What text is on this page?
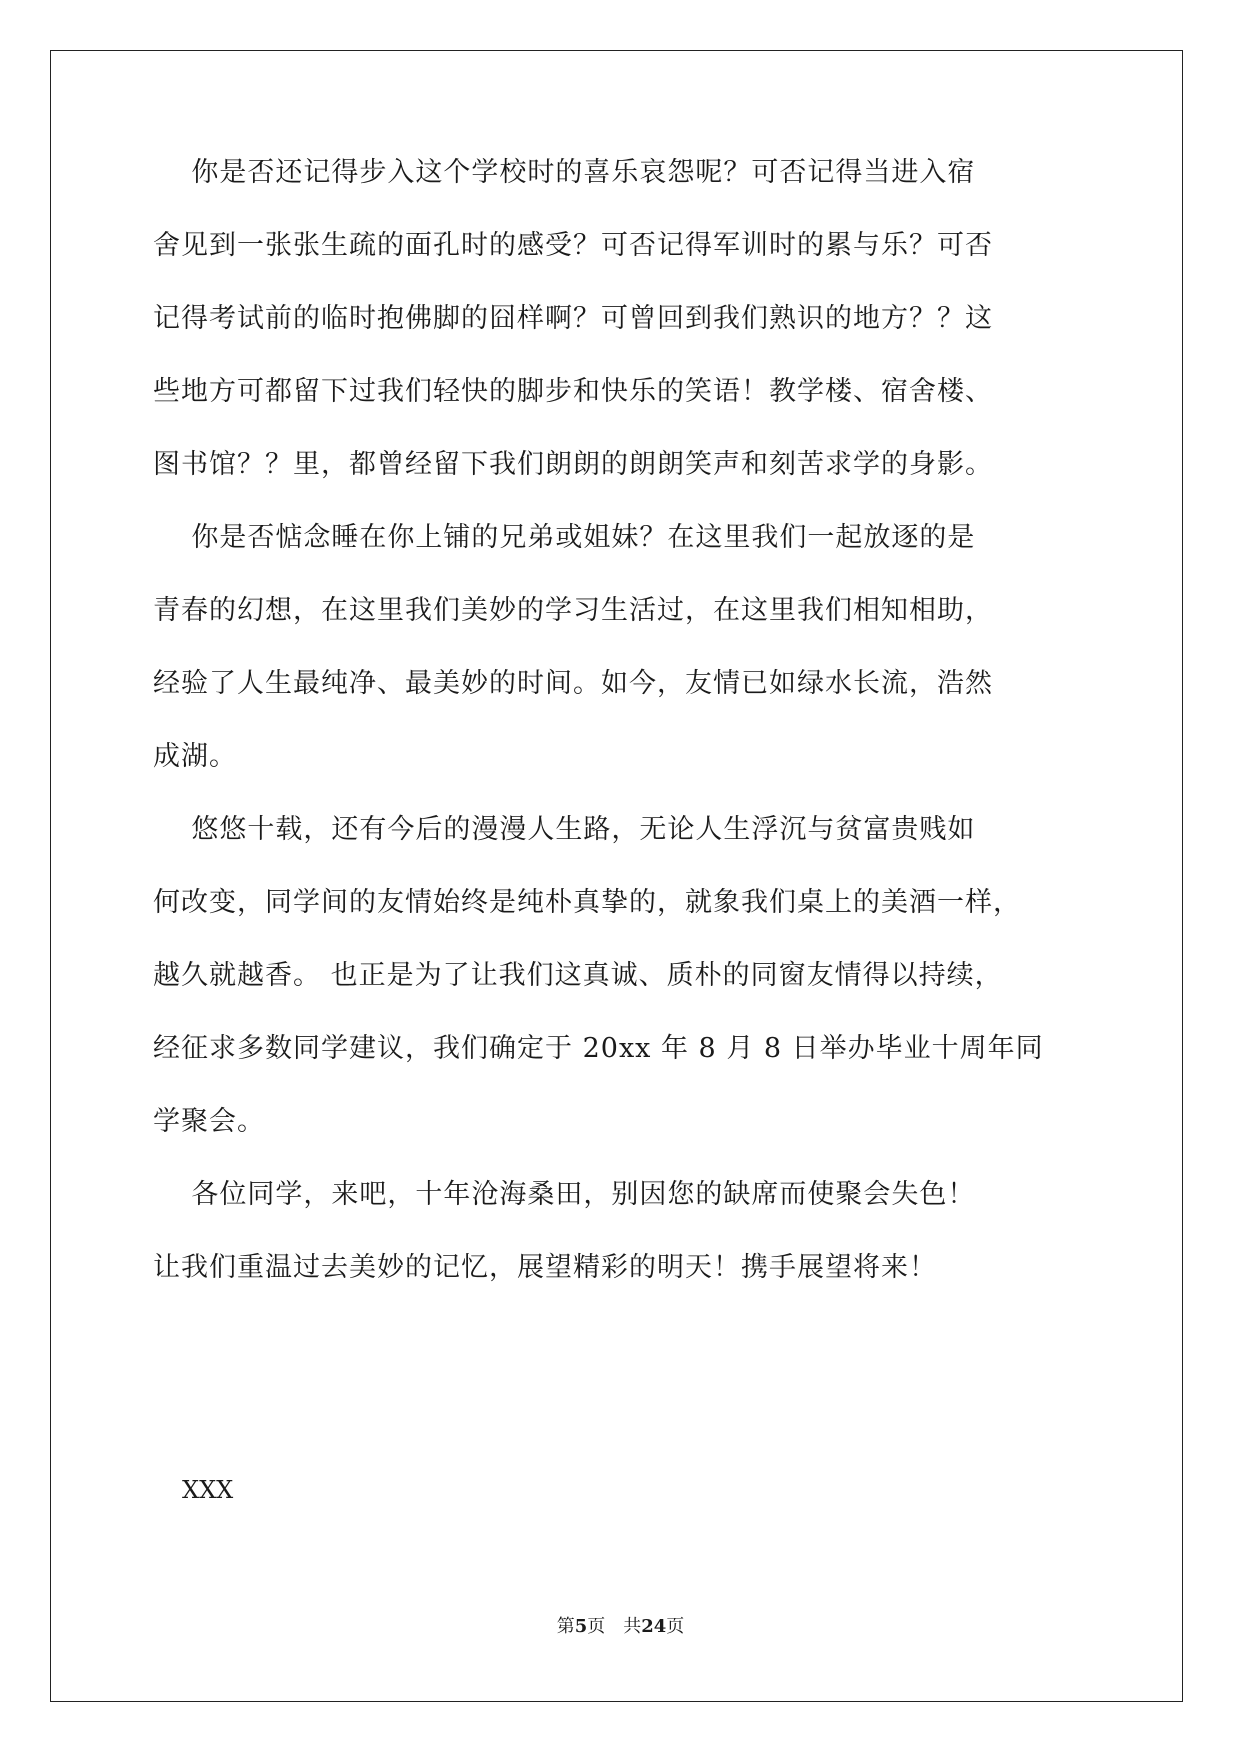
你是否还记得步入这个学校时的喜乐哀怨呢？可否记得当进入宿
舍见到一张张生疏的面孔时的感受？可否记得军训时的累与乐？可否
记得考试前的临时抱佛脚的囧样啊？可曾回到我们熟识的地方？？这
些地方可都留下过我们轻快的脚步和快乐的笑语！教学楼、宿舍楼、
图书馆？？里，都曾经留下我们朗朗的朗朗笑声和刻苦求学的身影。
你是否惦念睡在你上铺的兄弟或姐妹？在这里我们一起放逐的是
青春的幻想，在这里我们美妙的学习生活过，在这里我们相知相助，
经验了人生最纯净、最美妙的时间。如今，友情已如绿水长流，浩然
成湖。
悠悠十载，还有今后的漫漫人生路，无论人生浮沉与贫富贵贱如
何改变，同学间的友情始终是纯朴真挚的，就象我们桌上的美酒一样，
越久就越香。 也正是为了让我们这真诚、质朴的同窗友情得以持续，
经征求多数同学建议，我们确定于 20xx 年 8 月 8 日举办毕业十周年同
学聚会。
各位同学，来吧，十年沧海桑田，别因您的缺席而使聚会失色！
让我们重温过去美妙的记忆，展望精彩的明天！携手展望将来！
XXX
第5页　共24页
